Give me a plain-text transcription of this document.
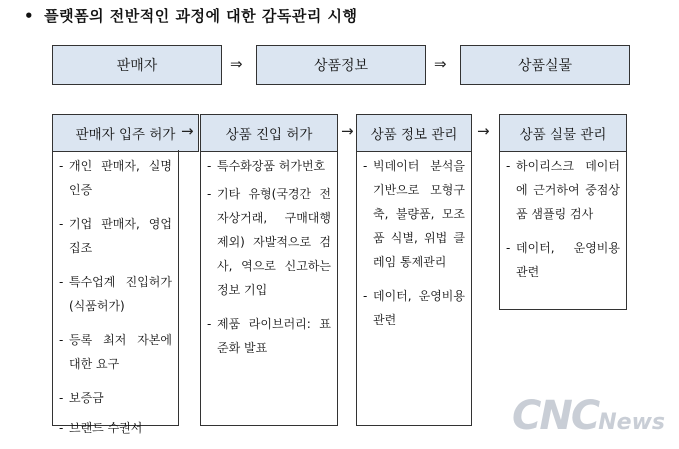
• 플랫폼의 전반적인 과정에 대한 감독관리 시행
판매자	⇒	상품정보	⇒	상품실물
판매자 입주 허가 →	상품 진입 허가	→	상품 정보 관리	→	상품 실물 관리
- 개인 판매자, 실명인증
- 기업 판매자, 영업집조
- 특수업계 진입허가 (식품허가)
- 등록 최저 자본에 대한 요구
- 보증금
- 브랜드 수권서
- 특수화장품 허가번호
- 기타 유형(국경간 전자상거래, 구매대행 제외) 자발적으로 검사, 역으로 신고하는 정보 기입
- 제품 라이브러리: 표준화 발표
- 빅데이터 분석을 기반으로 모형구축, 불량품, 모조품 식별, 위법 클레임 통제관리
- 데이터, 운영비용 관련
- 하이리스크 데이터에 근거하여 중점상품 샘플링 검사
- 데이터, 운영비용 관련
CNCNews
